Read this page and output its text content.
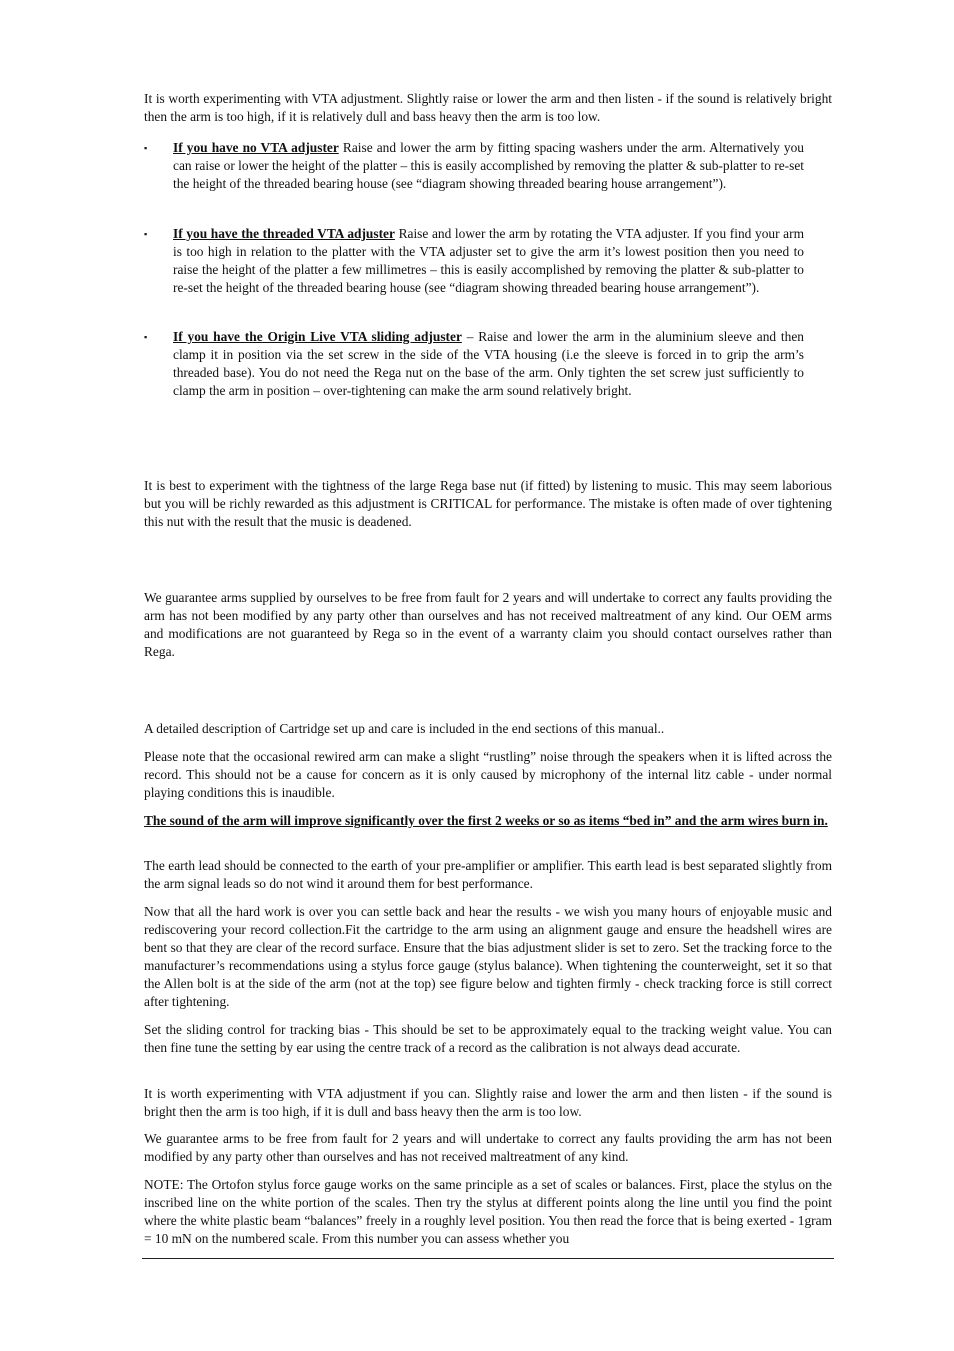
It is worth experimenting with VTA adjustment. Slightly raise or lower the arm and then listen - if the sound is relatively bright then the arm is too high, if it is relatively dull and bass heavy then the arm is too low.

▪	If you have no VTA adjuster Raise and lower the arm by fitting spacing washers under the arm. Alternatively you can raise or lower the height of the platter – this is easily accomplished by removing the platter & sub-platter to re-set the height of the threaded bearing house (see “diagram showing threaded bearing house arrangement”).
▪	If you have the threaded VTA adjuster Raise and lower the arm by rotating the VTA adjuster. If you find your arm is too high in relation to the platter with the VTA adjuster set to give the arm it’s lowest position then you need to raise the height of the platter a few millimetres – this is easily accomplished by removing the platter & sub-platter to re-set the height of the threaded bearing house (see “diagram showing threaded bearing house arrangement”).
▪	If you have the Origin Live VTA sliding adjuster – Raise and lower the arm in the aluminium sleeve and then clamp it in position via the set screw in the side of the VTA housing (i.e the sleeve is forced in to grip the arm’s threaded base). You do not need the Rega nut on the base of the arm. Only tighten the set screw just sufficiently to clamp the arm in position – over-tightening can make the arm sound relatively bright.

It is best to experiment with the tightness of the large Rega base nut (if fitted) by listening to music. This may seem laborious but you will be richly rewarded as this adjustment is CRITICAL for performance. The mistake is often made of over tightening this nut with the result that the music is deadened.

We guarantee arms supplied by ourselves to be free from fault for 2 years and will undertake to correct any faults providing the arm has not been modified by any party other than ourselves and has not received maltreatment of any kind. Our OEM arms and modifications are not guaranteed by Rega so in the event of a warranty claim you should contact ourselves rather than Rega.

A detailed description of Cartridge set up and care is included in the end sections of this manual..

Please note that the occasional rewired arm can make a slight “rustling” noise through the speakers when it is lifted across the record. This should not be a cause for concern as it is only caused by microphony of the internal litz cable - under normal playing conditions this is inaudible.

The sound of the arm will improve significantly over the first 2 weeks or so as items “bed in” and the arm wires burn in.

The earth lead should be connected to the earth of your pre-amplifier or amplifier. This earth lead is best separated slightly from the arm signal leads so do not wind it around them for best performance.

Now that all the hard work is over you can settle back and hear the results - we wish you many hours of enjoyable music and rediscovering your record collection.Fit the cartridge to the arm using an alignment gauge and ensure the headshell wires are bent so that they are clear of the record surface. Ensure that the bias adjustment slider is set to zero. Set the tracking force to the manufacturer’s recommendations using a stylus force gauge (stylus balance). When tightening the counterweight, set it so that the Allen bolt is at the side of the arm (not at the top) see figure below and tighten firmly - check tracking force is still correct after tightening.

Set the sliding control for tracking bias - This should be set to be approximately equal to the tracking weight value. You can then fine tune the setting by ear using the centre track of a record as the calibration is not always dead accurate.

It is worth experimenting with VTA adjustment if you can. Slightly raise and lower the arm and then listen - if the sound is bright then the arm is too high, if it is dull and bass heavy then the arm is too low.

We guarantee arms to be free from fault for 2 years and will undertake to correct any faults providing the arm has not been modified by any party other than ourselves and has not received maltreatment of any kind.

NOTE: The Ortofon stylus force gauge works on the same principle as a set of scales or balances. First, place the stylus on the inscribed line on the white portion of the scales. Then try the stylus at different points along the line until you find the point where the white plastic beam “balances” freely in a roughly level position. You then read the force that is being exerted - 1gram = 10 mN on the numbered scale. From this number you can assess whether you
